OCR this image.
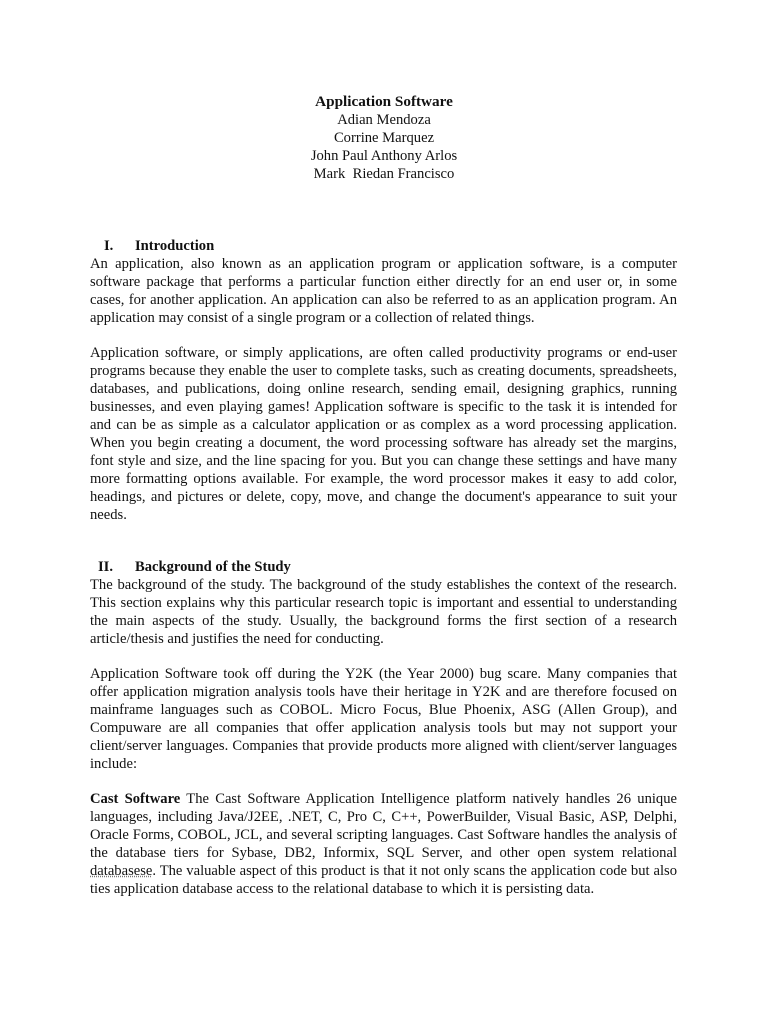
Application Software
Adian Mendoza
Corrine Marquez
John Paul Anthony Arlos
Mark  Riedan Francisco
I. Introduction

An application, also known as an application program or application software, is a computer software package that performs a particular function either directly for an end user or, in some cases, for another application. An application can also be referred to as an application program. An application may consist of a single program or a collection of related things.

Application software, or simply applications, are often called productivity programs or end-user programs because they enable the user to complete tasks, such as creating documents, spreadsheets, databases, and publications, doing online research, sending email, designing graphics, running businesses, and even playing games! Application software is specific to the task it is intended for and can be as simple as a calculator application or as complex as a word processing application. When you begin creating a document, the word processing software has already set the margins, font style and size, and the line spacing for you. But you can change these settings and have many more formatting options available. For example, the word processor makes it easy to add color, headings, and pictures or delete, copy, move, and change the document's appearance to suit your needs.

II. Background of the Study

The background of the study. The background of the study establishes the context of the research. This section explains why this particular research topic is important and essential to understanding the main aspects of the study. Usually, the background forms the first section of a research article/thesis and justifies the need for conducting.

Application Software took off during the Y2K (the Year 2000) bug scare. Many companies that offer application migration analysis tools have their heritage in Y2K and are therefore focused on mainframe languages such as COBOL. Micro Focus, Blue Phoenix, ASG (Allen Group), and Compuware are all companies that offer application analysis tools but may not support your client/server languages. Companies that provide products more aligned with client/server languages include:

Cast Software The Cast Software Application Intelligence platform natively handles 26 unique languages, including Java/J2EE, .NET, C, Pro C, C++, PowerBuilder, Visual Basic, ASP, Delphi, Oracle Forms, COBOL, JCL, and several scripting languages. Cast Software handles the analysis of the database tiers for Sybase, DB2, Informix, SQL Server, and other open system relational databasese. The valuable aspect of this product is that it not only scans the application code but also ties application database access to the relational database to which it is persisting data.
